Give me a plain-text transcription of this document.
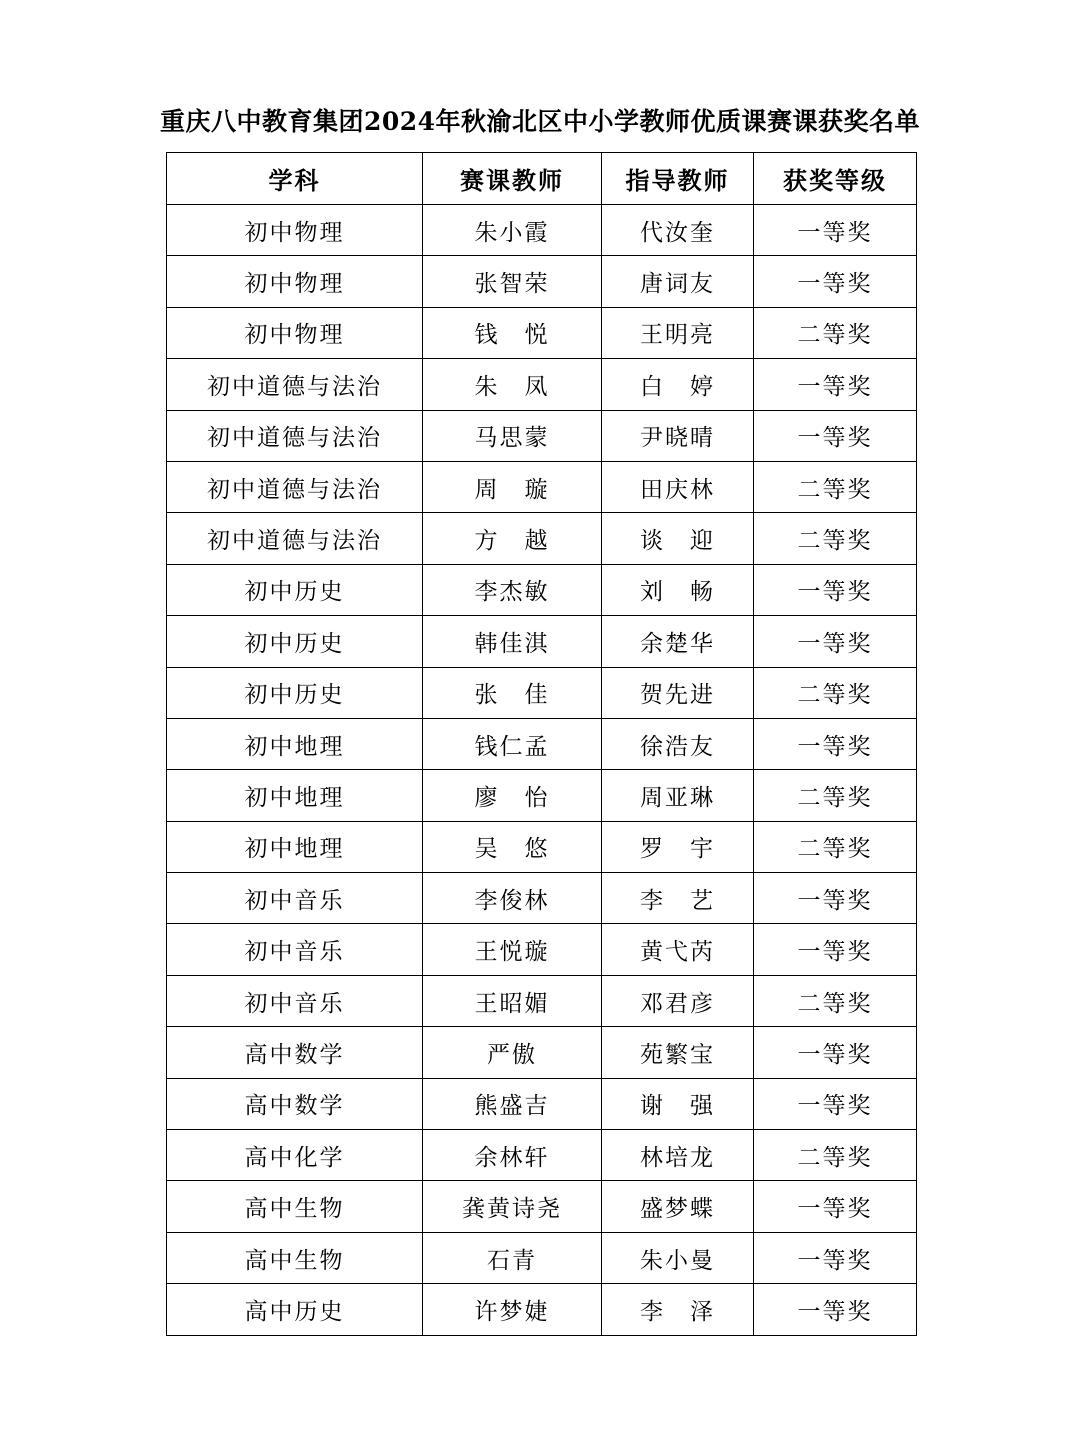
重庆八中教育集团2024年秋渝北区中小学教师优质课赛课获奖名单
学科	赛课教师	指导教师	获奖等级
初中物理	朱小霞	代汝奎	一等奖
初中物理	张智荣	唐词友	一等奖
初中物理	钱　悦	王明亮	二等奖
初中道德与法治	朱　凤	白　婷	一等奖
初中道德与法治	马思蒙	尹晓晴	一等奖
初中道德与法治	周　璇	田庆林	二等奖
初中道德与法治	方　越	谈　迎	二等奖
初中历史	李杰敏	刘　畅	一等奖
初中历史	韩佳淇	余楚华	一等奖
初中历史	张　佳	贺先进	二等奖
初中地理	钱仁孟	徐浩友	一等奖
初中地理	廖　怡	周亚琳	二等奖
初中地理	吴　悠	罗　宇	二等奖
初中音乐	李俊林	李　艺	一等奖
初中音乐	王悦璇	黄弋芮	一等奖
初中音乐	王昭媚	邓君彦	二等奖
高中数学	严傲	苑繁宝	一等奖
高中数学	熊盛吉	谢　强	一等奖
高中化学	余林轩	林培龙	二等奖
高中生物	龚黄诗尧	盛梦蝶	一等奖
高中生物	石青	朱小曼	一等奖
高中历史	许梦婕	李　泽	一等奖
